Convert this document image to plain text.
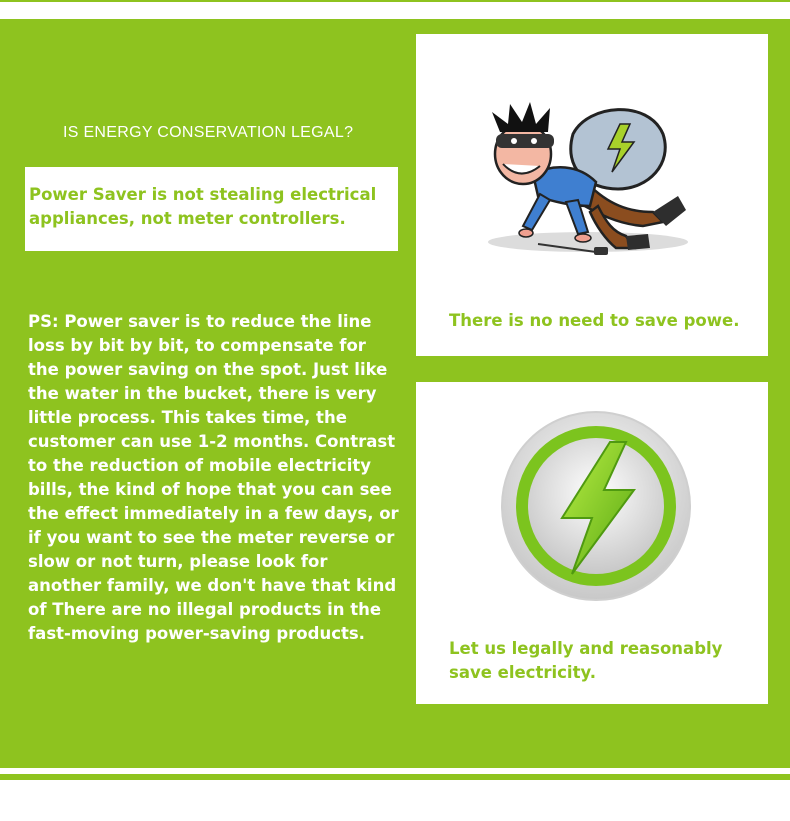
IS ENERGY CONSERVATION LEGAL?
Power Saver is not stealing electrical appliances, not meter controllers.
PS: Power saver is to reduce the line loss by bit by bit, to compensate for the power saving on the spot. Just like the water in the bucket, there is very little process. This takes time, the customer can use 1-2 months. Contrast to the reduction of mobile electricity bills, the kind of hope that you can see the effect immediately in a few days, or if you want to see the meter reverse or slow or not turn, please look for another family, we don't have that kind of There are no illegal products in the fast-moving power-saving products.
There is no need to save powe.
Let us legally and reasonably save electricity.
